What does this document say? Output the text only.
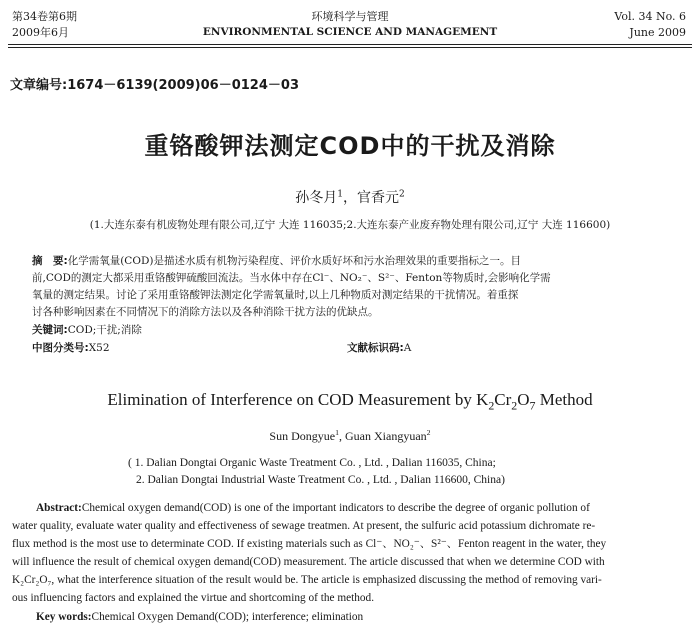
第34卷第6期
2009年6月
环境科学与管理
ENVIRONMENTAL SCIENCE AND MANAGEMENT
Vol. 34 No. 6
June 2009
文章编号:1674－6139(2009)06－0124－03
重铬酸钾法测定COD中的干扰及消除
孙冬月$^1$，官香元$^2$
(1.大连东泰有机废物处理有限公司,辽宁 大连 116035;2.大连东泰产业废弃物处理有限公司,辽宁 大连 116600)
摘　要:化学需氧量(COD)是描述水质有机物污染程度、评价水质好坏和污水治理效果的重要指标之一。目
前,COD的测定大都采用重铬酸钾硫酸回流法。当水体中存在Cl⁻、NO₂⁻、S²⁻、Fenton等物质时,会影响化学需
氧量的测定结果。讨论了采用重铬酸钾法测定化学需氧量时,以上几种物质对测定结果的干扰情况。着重探
讨各种影响因素在不同情况下的消除方法以及各种消除干扰方法的优缺点。
关键词:COD;干扰;消除
中图分类号:X52	文献标识码:A
Elimination of Interference on COD Measurement by $K_2Cr_2O_7$ Method
Sun Dongyue$^1$, Guan Xiangyuan$^2$
( 1. Dalian Dongtai Organic Waste Treatment Co. , Ltd. , Dalian 116035, China;
2. Dalian Dongtai Industrial Waste Treatment Co. , Ltd. , Dalian 116600, China)
Abstract:Chemical oxygen demand(COD) is one of the important indicators to describe the degree of organic pollution of
water quality, evaluate water quality and effectiveness of sewage treatmen. At present, the sulfuric acid potassium dichromate re-
flux method is the most use to determinate COD. If existing materials such as Cl⁻、NO₂⁻、S²⁻、Fenton reagent in the water, they
will influence the result of chemical oxygen demand(COD) measurement. The article discussed that when we determine COD with
K₂Cr₂O₇, what the interference situation of the result would be. The article is emphasized discussing the method of removing vari-
ous influencing factors and explained the virtue and shortcoming of the method.
Key words:Chemical Oxygen Demand(COD); interference; elimination
